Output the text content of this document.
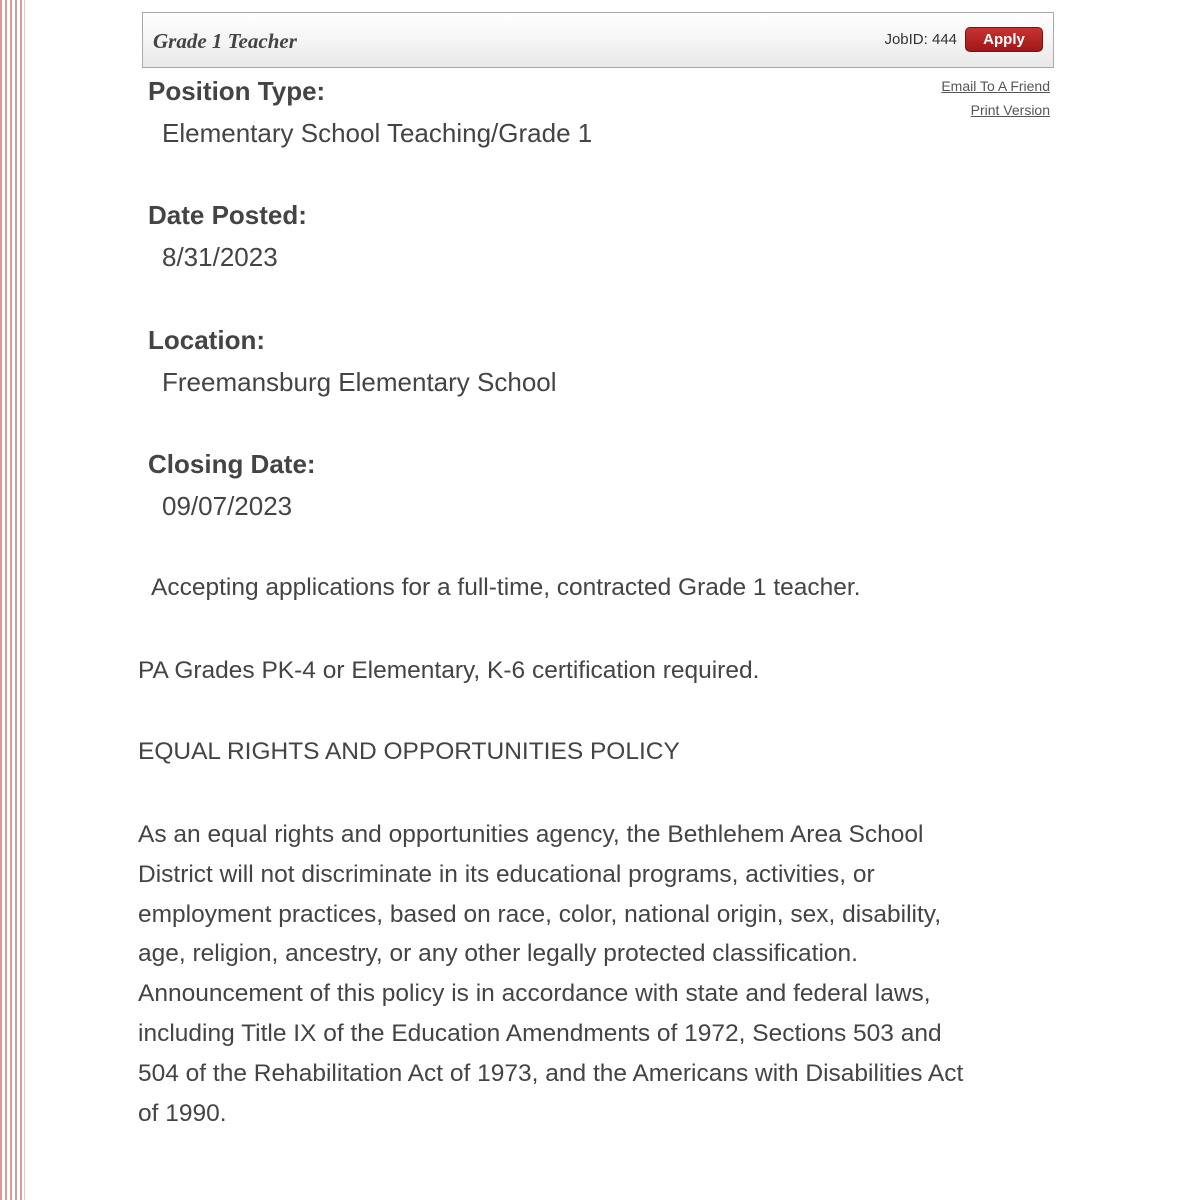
Grade 1 Teacher	JobID: 444	Apply
Email To A Friend
Print Version
Position Type:
Elementary School Teaching/Grade 1
Date Posted:
8/31/2023
Location:
Freemansburg Elementary School
Closing Date:
09/07/2023
Accepting applications for a full-time, contracted Grade 1 teacher.
PA Grades PK-4 or Elementary, K-6 certification required.
EQUAL RIGHTS AND OPPORTUNITIES POLICY
As an equal rights and opportunities agency, the Bethlehem Area School
District will not discriminate in its educational programs, activities, or
employment practices, based on race, color, national origin, sex, disability,
age, religion, ancestry, or any other legally protected classification.
Announcement of this policy is in accordance with state and federal laws,
including Title IX of the Education Amendments of 1972, Sections 503 and
504 of the Rehabilitation Act of 1973, and the Americans with Disabilities Act
of 1990.
